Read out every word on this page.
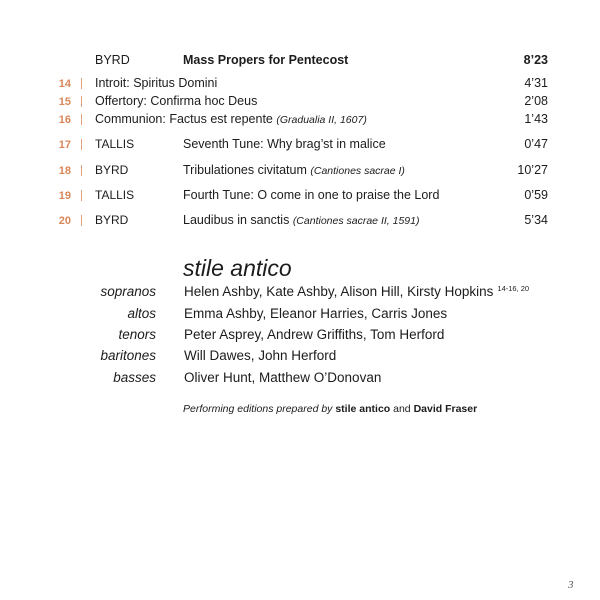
BYRD	Mass Propers for Pentecost	8’23
14 Introit: Spiritus Domini	4’31
15 Offertory: Confirma hoc Deus	2’08
16 Communion: Factus est repente (Gradualia II, 1607)	1’43
17 TALLIS	Seventh Tune: Why brag’st in malice	0’47
18 BYRD	Tribulationes civitatum (Cantiones sacrae I)	10’27
19 TALLIS	Fourth Tune: O come in one to praise the Lord	0’59
20 BYRD	Laudibus in sanctis (Cantiones sacrae II, 1591)	5’34
stile antico
sopranos Helen Ashby, Kate Ashby, Alison Hill, Kirsty Hopkins $^{14-16, 20}$
altos Emma Ashby, Eleanor Harries, Carris Jones
tenors Peter Asprey, Andrew Griffiths, Tom Herford
baritones Will Dawes, John Herford
basses Oliver Hunt, Matthew O’Donovan
Performing editions prepared by stile antico and David Fraser
3
